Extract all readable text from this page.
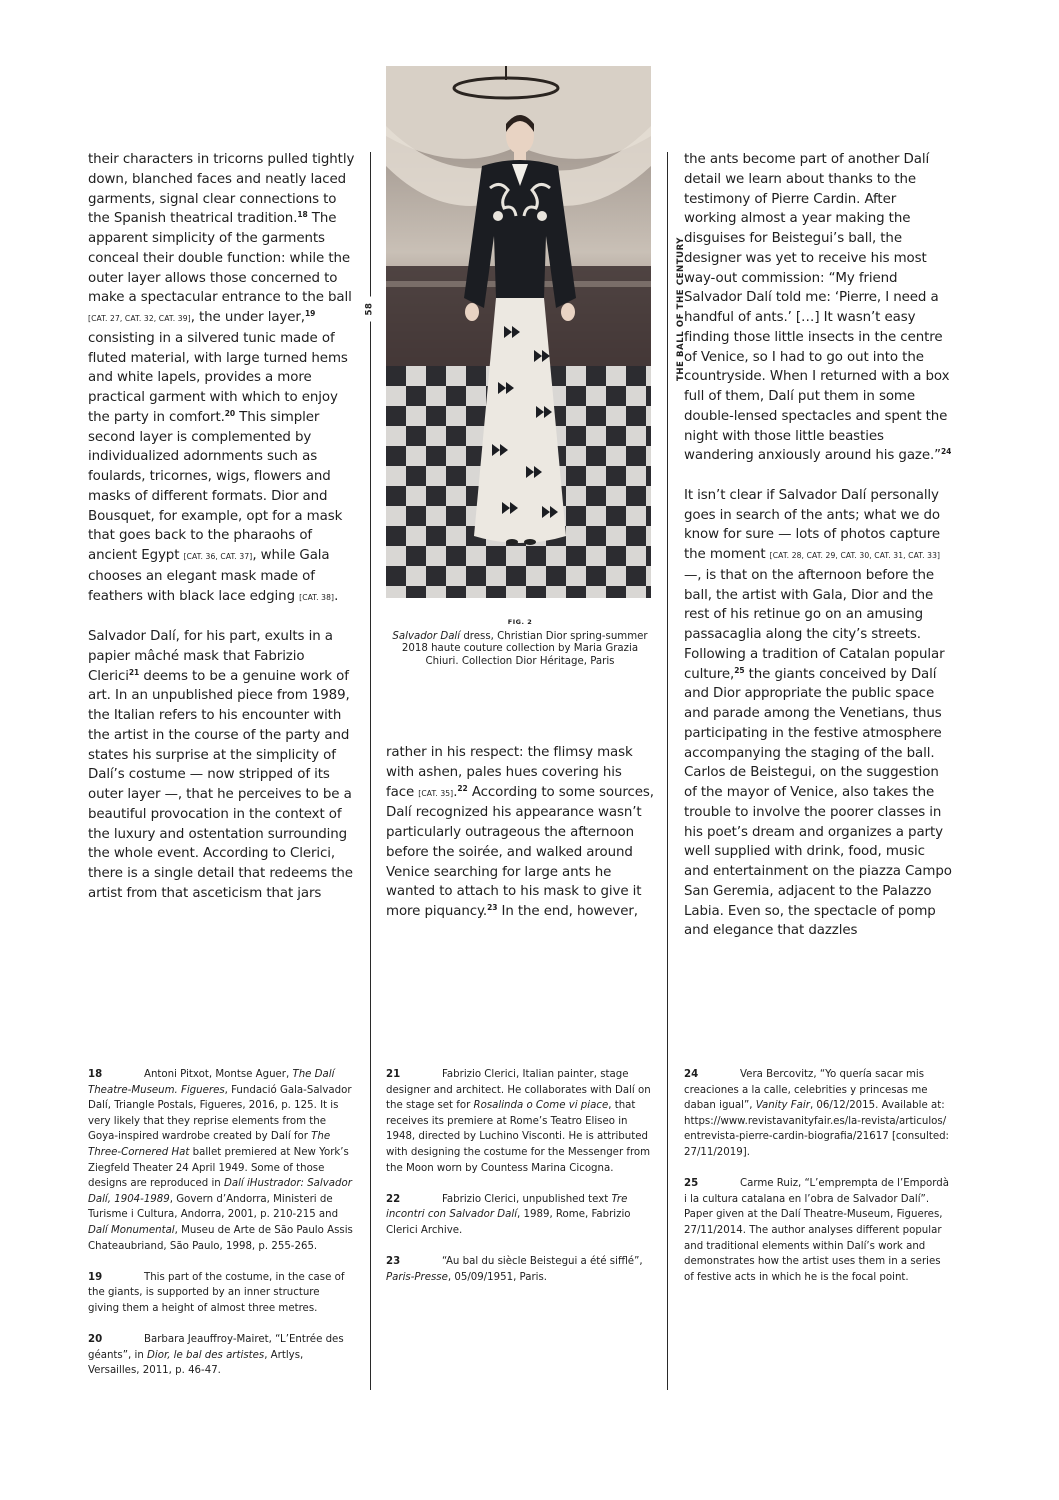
58	THE BALL OF THE CENTURY

their characters in tricorns pulled tightly down, blanched faces and neatly laced garments, signal clear connections to the Spanish theatrical tradition.$^{18}$ The apparent simplicity of the garments conceal their double function: while the outer layer allows those concerned to make a spectacular entrance to the ball [CAT. 27, CAT. 32, CAT. 39], the under layer,$^{19}$ consisting in a silvered tunic made of fluted material, with large turned hems and white lapels, provides a more practical garment with which to enjoy the party in comfort.$^{20}$ This simpler second layer is complemented by individualized adornments such as foulards, tricornes, wigs, flowers and masks of different formats. Dior and Bousquet, for example, opt for a mask that goes back to the pharaohs of ancient Egypt [CAT. 36, CAT. 37], while Gala chooses an elegant mask made of feathers with black lace edging [CAT. 38].

Salvador Dalí, for his part, exults in a papier mâché mask that Fabrizio Clerici$^{21}$ deems to be a genuine work of art. In an unpublished piece from 1989, the Italian refers to his encounter with the artist in the course of the party and states his surprise at the simplicity of Dalí’s costume — now stripped of its outer layer —, that he perceives to be a beautiful provocation in the context of the luxury and ostentation surrounding the whole event. According to Clerici, there is a single detail that redeems the artist from that asceticism that jars

FIG. 2
Salvador Dalí dress, Christian Dior spring-summer 2018 haute couture collection by Maria Grazia Chiuri. Collection Dior Héritage, Paris

rather in his respect: the flimsy mask with ashen, pales hues covering his face [CAT. 35].$^{22}$ According to some sources, Dalí recognized his appearance wasn’t particularly outrageous the afternoon before the soirée, and walked around Venice searching for large ants he wanted to attach to his mask to give it more piquancy.$^{23}$ In the end, however,

the ants become part of another Dalí detail we learn about thanks to the testimony of Pierre Cardin. After working almost a year making the disguises for Beistegui’s ball, the designer was yet to receive his most way-out commission: “My friend Salvador Dalí told me: ‘Pierre, I need a handful of ants.’ […] It wasn’t easy finding those little insects in the centre of Venice, so I had to go out into the countryside. When I returned with a box full of them, Dalí put them in some double-lensed spectacles and spent the night with those little beasties wandering anxiously around his gaze.”$^{24}$

It isn’t clear if Salvador Dalí personally goes in search of the ants; what we do know for sure — lots of photos capture the moment [CAT. 28, CAT. 29, CAT. 30, CAT. 31, CAT. 33] —, is that on the afternoon before the ball, the artist with Gala, Dior and the rest of his retinue go on an amusing passacaglia along the city’s streets. Following a tradition of Catalan popular culture,$^{25}$ the giants conceived by Dalí and Dior appropriate the public space and parade among the Venetians, thus participating in the festive atmosphere accompanying the staging of the ball. Carlos de Beistegui, on the suggestion of the mayor of Venice, also takes the trouble to involve the poorer classes in his poet’s dream and organizes a party well supplied with drink, food, music and entertainment on the piazza Campo San Geremia, adjacent to the Palazzo Labia. Even so, the spectacle of pomp and elegance that dazzles

18	Antoni Pitxot, Montse Aguer, The Dalí Theatre-Museum. Figueres, Fundació Gala-Salvador Dalí, Triangle Postals, Figueres, 2016, p. 125. It is very likely that they reprise elements from the Goya-inspired wardrobe created by Dalí for The Three-Cornered Hat ballet premiered at New York’s Ziegfeld Theater 24 April 1949. Some of those designs are reproduced in Dalí iHustrador: Salvador Dalí, 1904-1989, Govern d’Andorra, Ministeri de Turisme i Cultura, Andorra, 2001, p. 210-215 and Dalí Monumental, Museu de Arte de São Paulo Assis Chateaubriand, São Paulo, 1998, p. 255-265.
19	This part of the costume, in the case of the giants, is supported by an inner structure giving them a height of almost three metres.
20	Barbara Jeauffroy-Mairet, “L’Entrée des géants”, in Dior, le bal des artistes, Artlys, Versailles, 2011, p. 46-47.
21	Fabrizio Clerici, Italian painter, stage designer and architect. He collaborates with Dalí on the stage set for Rosalinda o Come vi piace, that receives its premiere at Rome’s Teatro Eliseo in 1948, directed by Luchino Visconti. He is attributed with designing the costume for the Messenger from the Moon worn by Countess Marina Cicogna.
22	Fabrizio Clerici, unpublished text Tre incontri con Salvador Dalí, 1989, Rome, Fabrizio Clerici Archive.
23	“Au bal du siècle Beistegui a été sifflé”, Paris-Presse, 05/09/1951, Paris.
24	Vera Bercovitz, “Yo quería sacar mis creaciones a la calle, celebrities y princesas me daban igual”, Vanity Fair, 06/12/2015. Available at: https://www.revistavanityfair.es/la-revista/articulos/entrevista-pierre-cardin-biografia/21617 [consulted: 27/11/2019].
25	Carme Ruiz, “L’emprempta de l’Empordà i la cultura catalana en l’obra de Salvador Dalí”. Paper given at the Dalí Theatre-Museum, Figueres, 27/11/2014. The author analyses different popular and traditional elements within Dalí’s work and demonstrates how the artist uses them in a series of festive acts in which he is the focal point.
